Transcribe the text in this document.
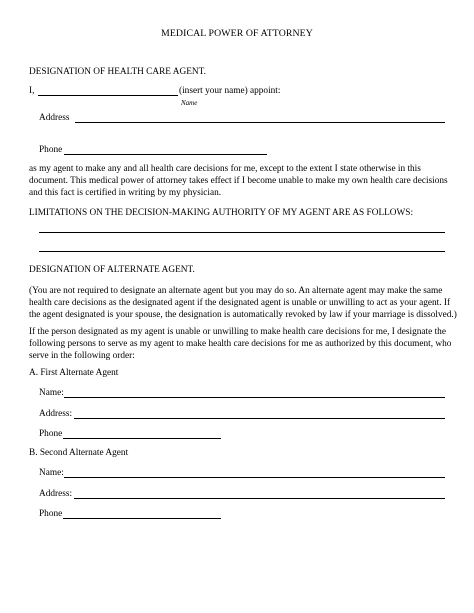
MEDICAL POWER OF ATTORNEY
DESIGNATION OF HEALTH CARE AGENT.
I,	(insert your name) appoint:
Name
Address
Phone
as my agent to make any and all health care decisions for me, except to the extent I state otherwise in this
document. This medical power of attorney takes effect if I become unable to make my own health care decisions
and this fact is certified in writing by my physician.
LIMITATIONS ON THE DECISION-MAKING AUTHORITY OF MY AGENT ARE AS FOLLOWS:
DESIGNATION OF ALTERNATE AGENT.
(You are not required to designate an alternate agent but you may do so. An alternate agent may make the same
health care decisions as the designated agent if the designated agent is unable or unwilling to act as your agent. If
the agent designated is your spouse, the designation is automatically revoked by law if your marriage is dissolved.)
If the person designated as my agent is unable or unwilling to make health care decisions for me, I designate the
following persons to serve as my agent to make health care decisions for me as authorized by this document, who
serve in the following order:
A. First Alternate Agent
Name:
Address:
Phone
B. Second Alternate Agent
Name:
Address:
Phone
